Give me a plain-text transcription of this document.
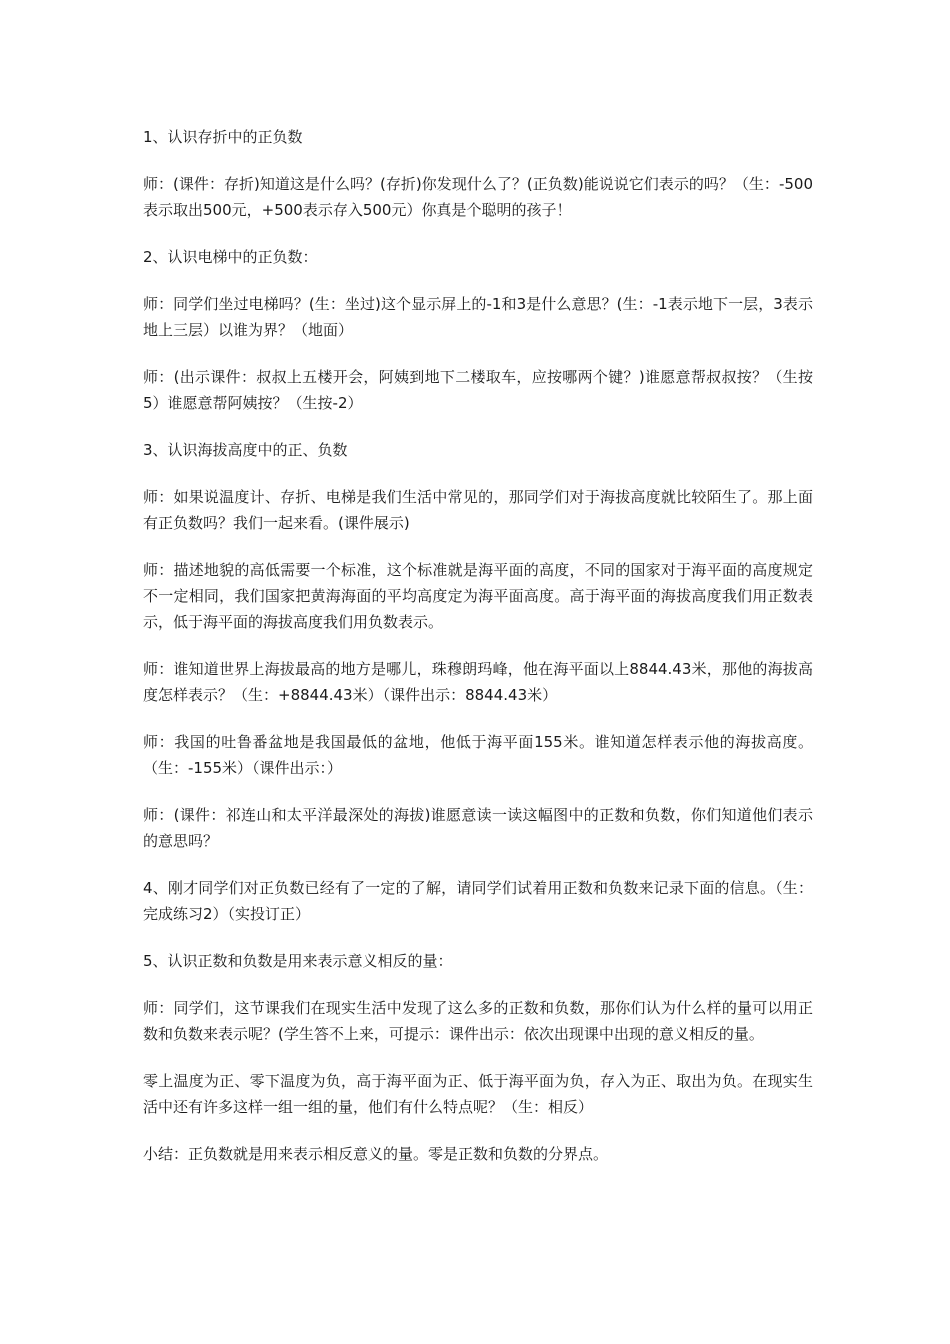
1、认识存折中的正负数

师：(课件：存折)知道这是什么吗？(存折)你发现什么了？(正负数)能说说它们表示的吗？（生：-500表示取出500元，+500表示存入500元）你真是个聪明的孩子！

2、认识电梯中的正负数：

师：同学们坐过电梯吗？(生：坐过)这个显示屏上的-1和3是什么意思？(生：-1表示地下一层，3表示地上三层）以谁为界？（地面）

师：(出示课件：叔叔上五楼开会，阿姨到地下二楼取车，应按哪两个键？)谁愿意帮叔叔按？（生按5）谁愿意帮阿姨按？（生按-2）

3、认识海拔高度中的正、负数

师：如果说温度计、存折、电梯是我们生活中常见的，那同学们对于海拔高度就比较陌生了。那上面有正负数吗？我们一起来看。(课件展示)

师：描述地貌的高低需要一个标准，这个标准就是海平面的高度，不同的国家对于海平面的高度规定不一定相同，我们国家把黄海海面的平均高度定为海平面高度。高于海平面的海拔高度我们用正数表示，低于海平面的海拔高度我们用负数表示。

师：谁知道世界上海拔最高的地方是哪儿，珠穆朗玛峰，他在海平面以上8844.43米，那他的海拔高度怎样表示？（生：+8844.43米）（课件出示：8844.43米）

师：我国的吐鲁番盆地是我国最低的盆地，他低于海平面155米。谁知道怎样表示他的海拔高度。（生：-155米）（课件出示：）

师：(课件：祁连山和太平洋最深处的海拔)谁愿意读一读这幅图中的正数和负数，你们知道他们表示的意思吗？

4、刚才同学们对正负数已经有了一定的了解，请同学们试着用正数和负数来记录下面的信息。（生：完成练习2）（实投订正）

5、认识正数和负数是用来表示意义相反的量：

师：同学们，这节课我们在现实生活中发现了这么多的正数和负数，那你们认为什么样的量可以用正数和负数来表示呢？(学生答不上来，可提示：课件出示：依次出现课中出现的意义相反的量。

零上温度为正、零下温度为负，高于海平面为正、低于海平面为负，存入为正、取出为负。在现实生活中还有许多这样一组一组的量，他们有什么特点呢？（生：相反）

小结：正负数就是用来表示相反意义的量。零是正数和负数的分界点。
